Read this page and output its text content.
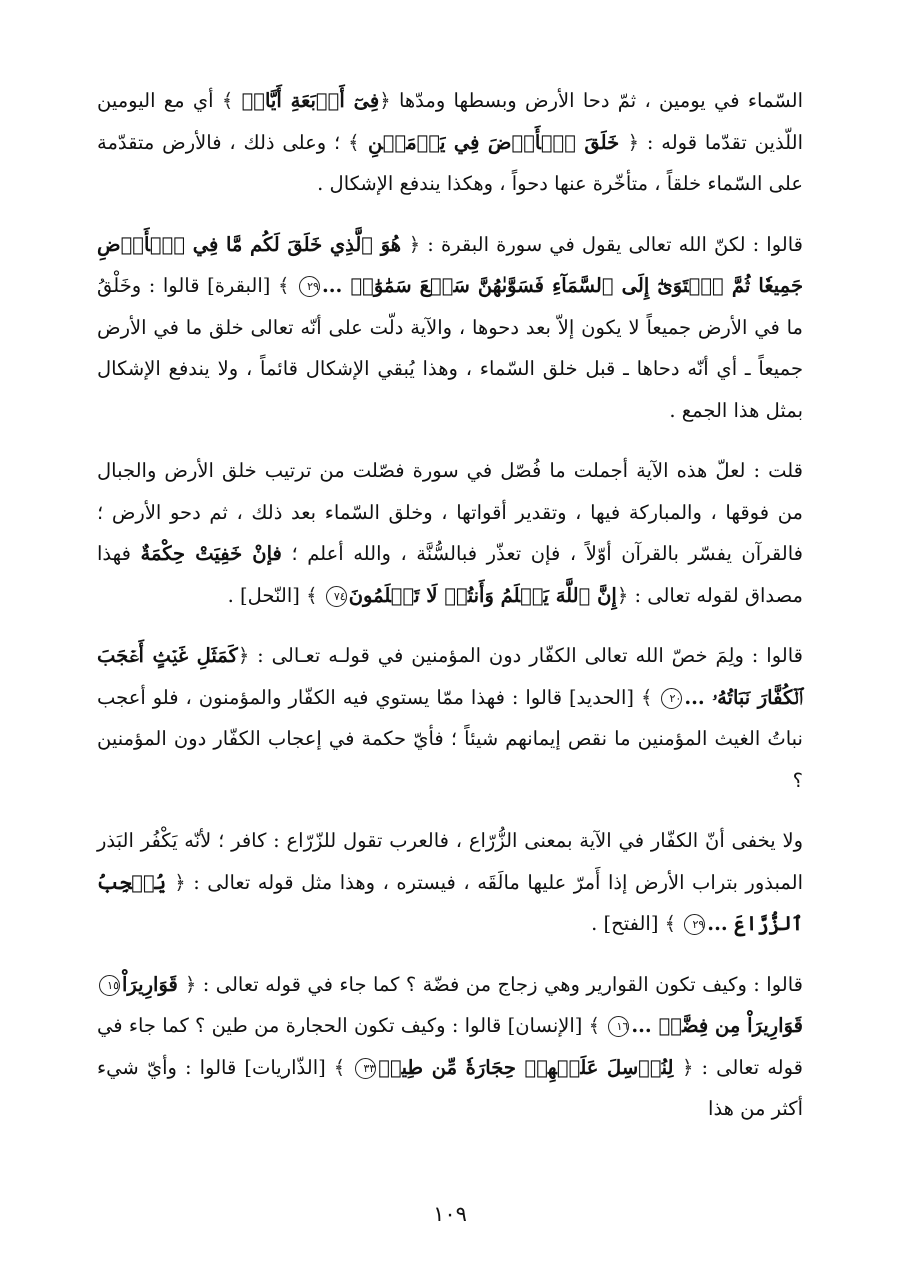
السّماء في يومين ، ثمّ دحا الأرض وبسطها ومدّها ﴿فِىٓ أَرۡبَعَةِ أَيَّامٖ ﴾ أي مع اليومين اللّذين تقدّما قوله : ﴿ خَلَقَ ٱلۡأَرۡضَ فِي يَوۡمَيۡنِ ﴾ ؛ وعلى ذلك ، فالأرض متقدّمة على السّماء خلقاً ، متأخّرة عنها دحواً ، وهكذا يندفع الإشكال .

قالوا : لكنّ الله تعالى يقول في سورة البقرة : ﴿ هُوَ ٱلَّذِي خَلَقَ لَكُم مَّا فِي ٱلۡأَرۡضِ جَمِيعٗا ثُمَّ ٱسۡتَوَىٰٓ إِلَى ٱلسَّمَآءِ فَسَوَّىٰهُنَّ سَبۡعَ سَمَٰوَٰتٖ ...٢٩ ﴾ [البقرة] قالوا : وخَلْقُ ما في الأرض جميعاً لا يكون إلاّ بعد دحوها ، والآية دلّت على أنّه تعالى خلق ما في الأرض جميعاً ـ أي أنّه دحاها ـ قبل خلق السّماء ، وهذا يُبقي الإشكال قائماً ، ولا يندفع الإشكال بمثل هذا الجمع .

قلت : لعلّ هذه الآية أجملت ما فُصّل في سورة فصّلت من ترتيب خلق الأرض والجبال من فوقها ، والمباركة فيها ، وتقدير أقواتها ، وخلق السّماء بعد ذلك ، ثم دحو الأرض ؛ فالقرآن يفسّر بالقرآن أوّلاً ، فإن تعذّر فبالسُّنَّة ، والله أعلم ؛ فإنْ خَفِيَتْ حِكْمَةٌ فهذا مصداق لقوله تعالى : ﴿إِنَّ ٱللَّهَ يَعۡلَمُ وَأَنتُمۡ لَا تَعۡلَمُونَ٧٤ ﴾ [النّحل] .

قالوا : ولِمَ خصّ الله تعالى الكفّار دون المؤمنين في قولـه تعـالى : ﴿كَمَثَلِ غَيۡثٍ أَعۡجَبَ ٱلۡكُفَّارَ نَبَاتُهُۥ ...٢٠ ﴾ [الحديد] قالوا : فهذا ممّا يستوي فيه الكفّار والمؤمنون ، فلو أعجب نباتُ الغيث المؤمنين ما نقص إيمانهم شيئاً ؛ فأيّ حكمة في إعجاب الكفّار دون المؤمنين ؟

ولا يخفى أنّ الكفّار في الآية بمعنى الزُّرّاع ، فالعرب تقول للزّرّاع : كافر ؛ لأنّه يَكْفُر البَذر المبذور بتراب الأرض إذا أَمرّ عليها مالَقَه ، فيستره ، وهذا مثل قوله تعالى : ﴿ يُعۡجِبُ ٱلزُّرَّاعَ ...٢٩ ﴾ [الفتح] .

قالوا : وكيف تكون القوارير وهي زجاج من فضّة ؟ كما جاء في قوله تعالى : ﴿ قَوَارِيرَاْ١٥قَوَارِيرَاْ مِن فِضَّةٖ ...١٦ ﴾ [الإنسان] قالوا : وكيف تكون الحجارة من طين ؟ كما جاء في قوله تعالى : ﴿ لِنُرۡسِلَ عَلَيۡهِمۡ حِجَارَةٗ مِّن طِينٖ٣٣ ﴾ [الذّاريات] قالوا : وأيّ شيء أكثر من هذا

١٠٩
